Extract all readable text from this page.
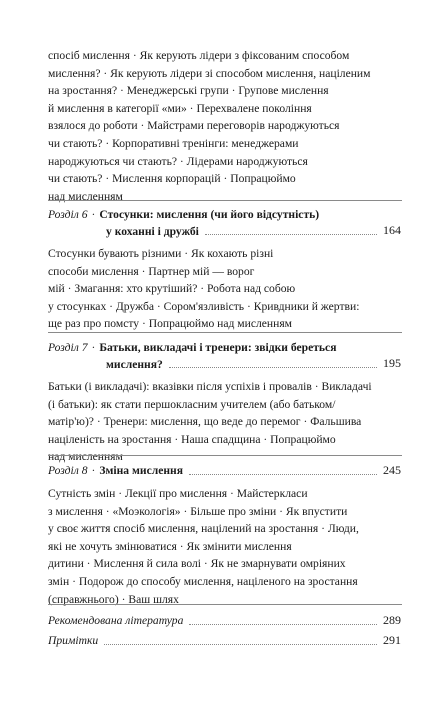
спосіб мислення · Як керують лідери з фіксованим способом
мислення? · Як керують лідери зі способом мислення, націленим
на зростання? · Менеджерські групи · Групове мислення
й мислення в категорії «ми» · Перехвалене покоління
взялося до роботи · Майстрами переговорів народжуються
чи стають? · Корпоративні тренінги: менеджерами
народжуються чи стають? · Лідерами народжуються
чи стають? · Мислення корпорацій · Попрацюймо
над мисленням
Розділ 6 · Стосунки: мислення (чи його відсутність)
у коханні і дружбі	164
Стосунки бувають різними · Як кохають різні
способи мислення · Партнер мій — ворог
мій · Змагання: хто крутіший? · Робота над собою
у стосунках · Дружба · Сором'язливість · Кривдники й жертви:
ще раз про помсту · Попрацюймо над мисленням
Розділ 7 · Батьки, викладачі і тренери: звідки береться
мислення?	195
Батьки (і викладачі): вказівки після успіхів і провалів · Викладачі
(і батьки): як стати першокласним учителем (або батьком/
матір'ю)? · Тренери: мислення, що веде до перемог · Фальшива
націленість на зростання · Наша спадщина · Попрацюймо
над мисленням
Розділ 8 · Зміна мислення	245
Сутність змін · Лекції про мислення · Майстеркласи
з мислення · «Моэкологія» · Більше про зміни · Як впустити
у своє життя спосіб мислення, націлений на зростання · Люди,
які не хочуть змінюватися · Як змінити мислення
дитини · Мислення й сила волі · Як не змарнувати омріяних
змін · Подорож до способу мислення, націленого на зростання
(справжнього) · Ваш шлях
Рекомендована література	289
Примітки	291
